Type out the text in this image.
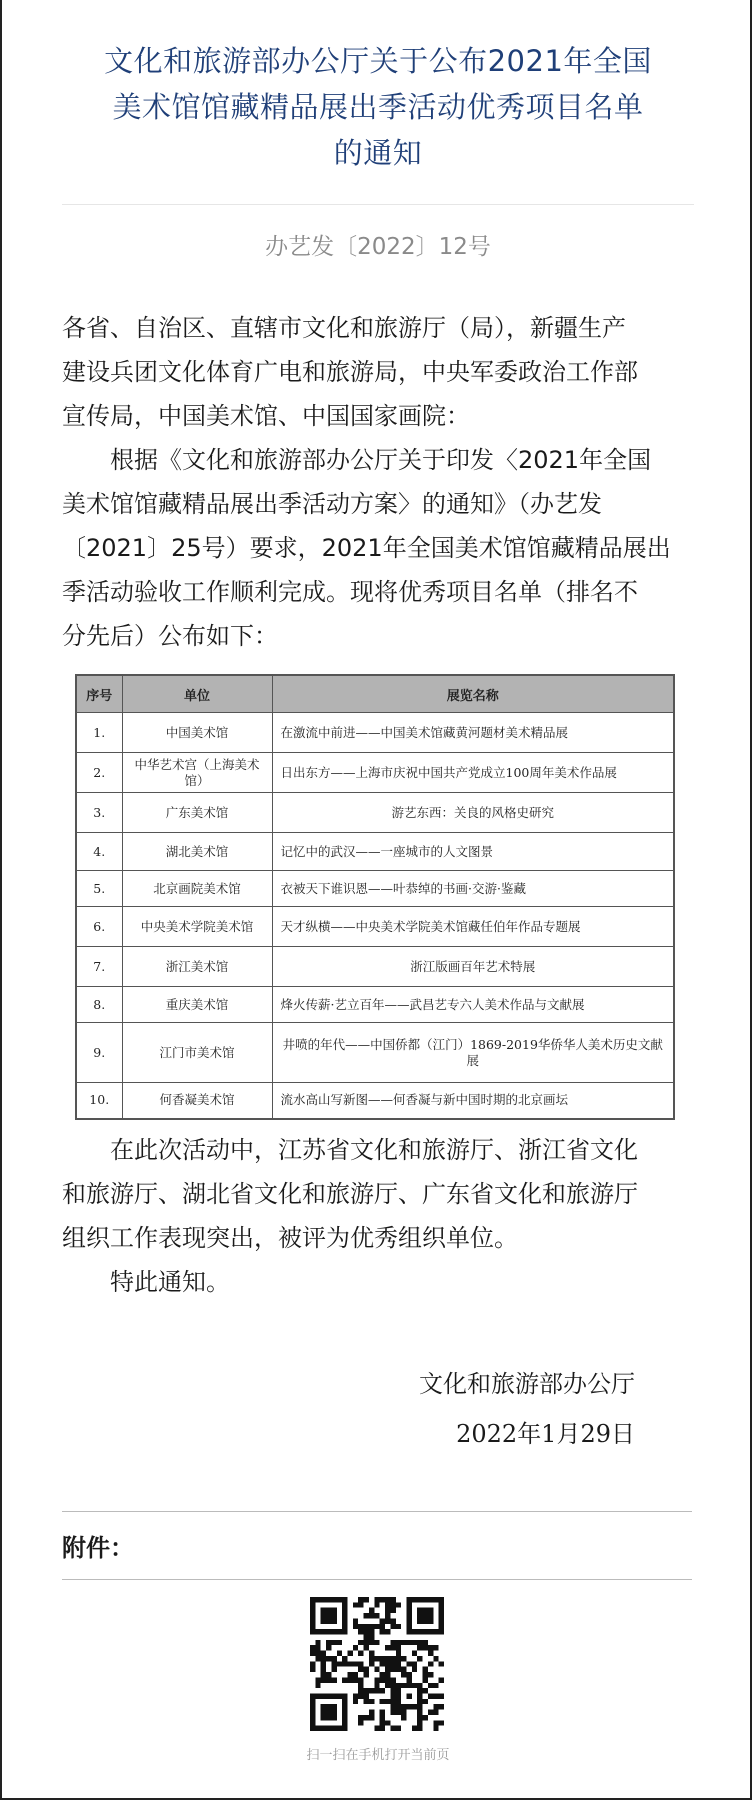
文化和旅游部办公厅关于公布2021年全国
美术馆馆藏精品展出季活动优秀项目名单
的通知
办艺发〔2022〕12号
各省、自治区、直辖市文化和旅游厅（局），新疆生产
建设兵团文化体育广电和旅游局，中央军委政治工作部
宣传局，中国美术馆、中国国家画院：
根据《文化和旅游部办公厅关于印发〈2021年全国
美术馆馆藏精品展出季活动方案〉的通知》（办艺发
〔2021〕25号）要求，2021年全国美术馆馆藏精品展出
季活动验收工作顺利完成。现将优秀项目名单（排名不
分先后）公布如下：
序号	单位	展览名称
1.	中国美术馆	在激流中前进——中国美术馆藏黄河题材美术精品展
2.	中华艺术宫（上海美术馆）	日出东方——上海市庆祝中国共产党成立100周年美术作品展
3.	广东美术馆	游艺东西：关良的风格史研究
4.	湖北美术馆	记忆中的武汉——一座城市的人文图景
5.	北京画院美术馆	衣被天下谁识恩——叶恭绰的书画·交游·鉴藏
6.	中央美术学院美术馆	天才纵横——中央美术学院美术馆藏任伯年作品专题展
7.	浙江美术馆	浙江版画百年艺术特展
8.	重庆美术馆	烽火传薪·艺立百年——武昌艺专六人美术作品与文献展
9.	江门市美术馆	井喷的年代——中国侨都（江门）1869-2019华侨华人美术历史文献展
10.	何香凝美术馆	流水高山写新图——何香凝与新中国时期的北京画坛
在此次活动中，江苏省文化和旅游厅、浙江省文化
和旅游厅、湖北省文化和旅游厅、广东省文化和旅游厅
组织工作表现突出，被评为优秀组织单位。
特此通知。
文化和旅游部办公厅
2022年1月29日
附件：
扫一扫在手机打开当前页
